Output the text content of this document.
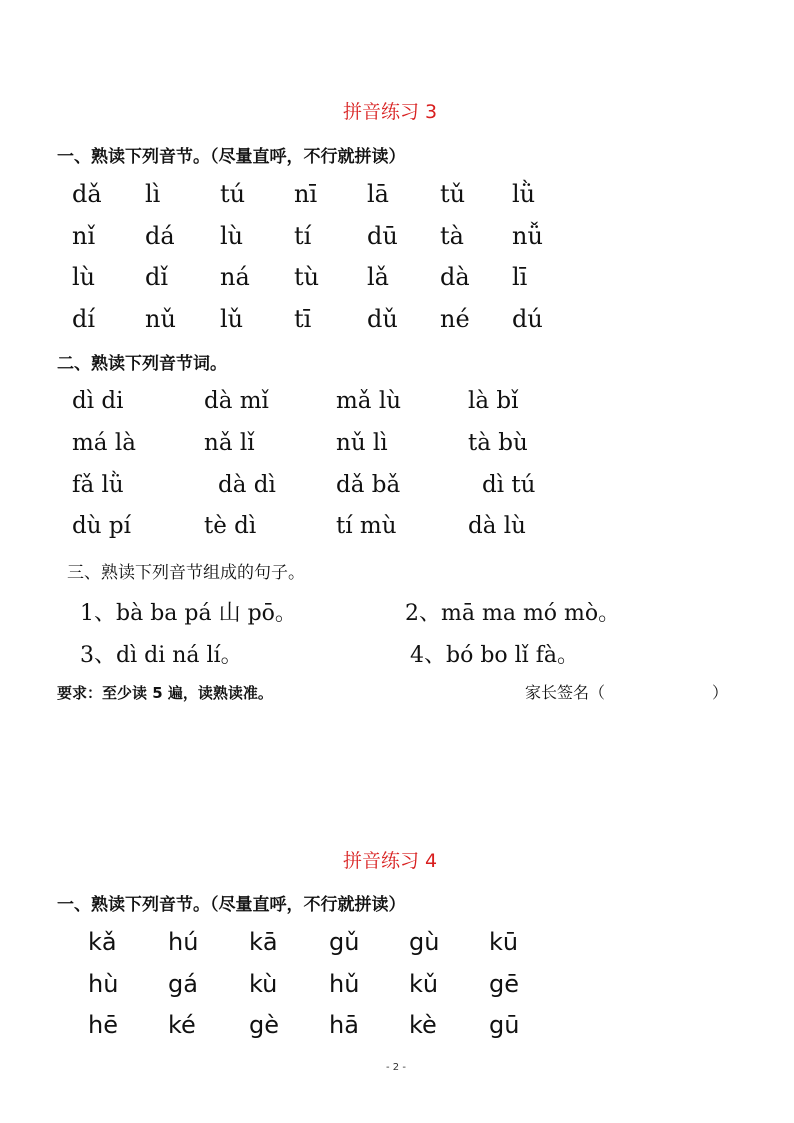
拼音练习 3
一、熟读下列音节。（尽量直呼，不行就拼读）
dǎ lì tú nī lā tǔ lǜ
nǐ dá lù tí dū tà nǚ
lù dǐ ná tù lǎ dà lī
dí nǔ lǔ tī dǔ né dú
二、熟读下列音节词。
dì di	dà mǐ	mǎ lù	là bǐ
má là	nǎ lǐ	nǔ lì	tà bù
fǎ lǜ	dà dì	dǎ bǎ	dì tú
dù pí	tè dì	tí mù	dà lù
三、熟读下列音节组成的句子。
1、bà ba pá 山 pō。	2、mā ma mó mò。
3、dì di ná lí。	4、bó bo lǐ fà。
要求：至少读 5 遍，读熟读准。	家长签名（	）
拼音练习 4
一、熟读下列音节。（尽量直呼，不行就拼读）
kǎ hú kā gǔ gù kū
hù gá kù hǔ kǔ gē
hē ké gè hā kè gū
- 2 -
